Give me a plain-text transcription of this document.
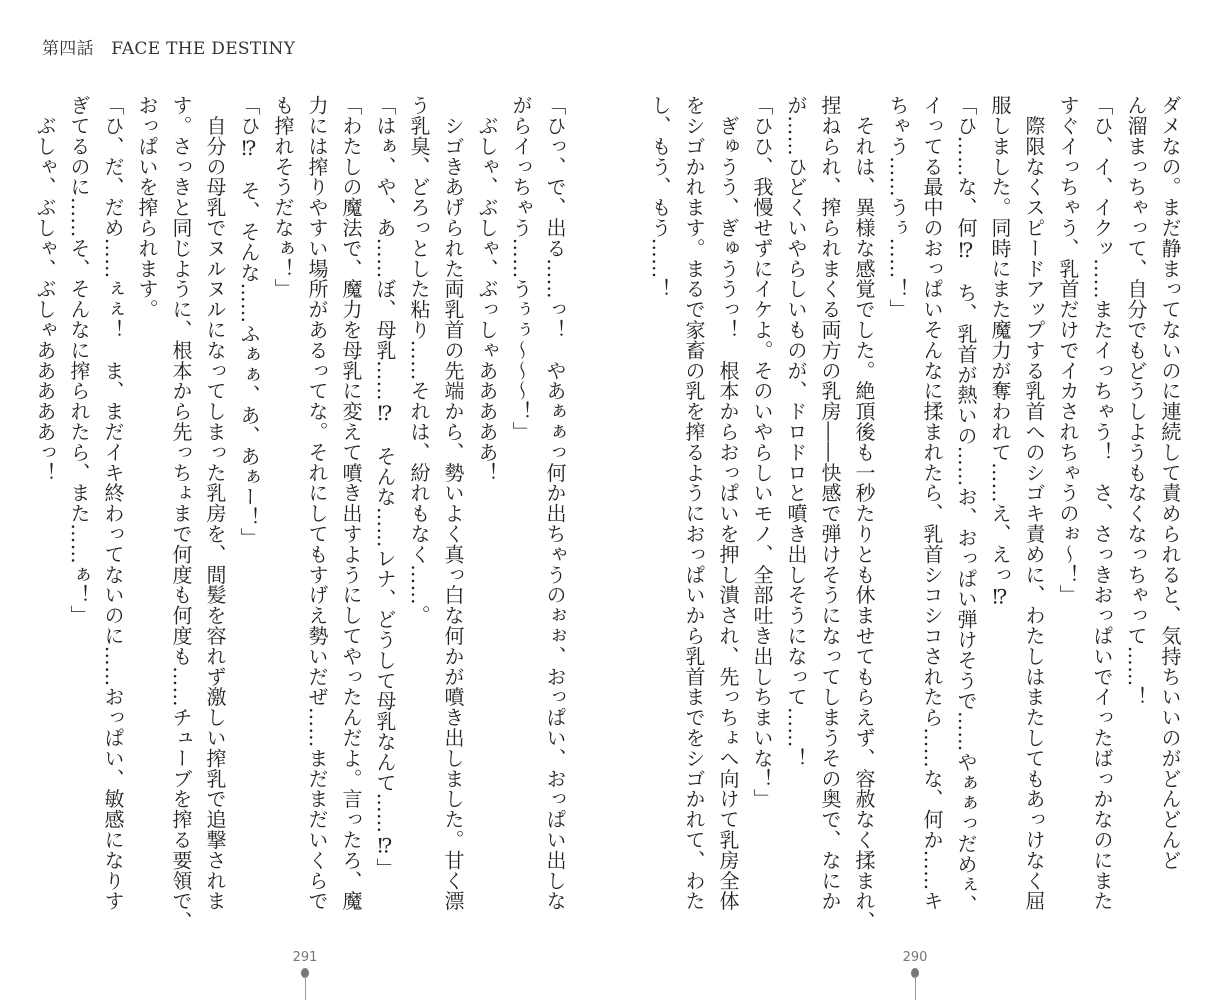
第四話　FACE THE DESTINY
ダメなの。まだ静まってないのに連続して責められると、気持ちいいのがどんどんど
ん溜まっちゃって、自分でもどうしようもなくなっちゃって……！
「ひ、イ、イクッ……またイっちゃう！　さ、さっきおっぱいでイったばっかなのにまた
すぐイっちゃう、乳首だけでイカされちゃうのぉ〜！」
　際限なくスピードアップする乳首へのシゴキ責めに、わたしはまたしてもあっけなく屈
服しました。同時にまた魔力が奪われて……え、えっ⁉
「ひ……な、何⁉　ち、乳首が熱いの……お、おっぱい弾けそうで……やぁぁっだめぇ、
イってる最中のおっぱいそんなに揉まれたら、乳首シコシコされたら……な、何か……キ
ちゃう……うぅ……！」
　それは、異様な感覚でした。絶頂後も一秒たりとも休ませてもらえず、容赦なく揉まれ、
捏ねられ、搾られまくる両方の乳房――快感で弾けそうになってしまうその奥で、なにか
が……ひどくいやらしいものが、ドロドロと噴き出しそうになって……！
「ひひ、我慢せずにイケよ。そのいやらしいモノ、全部吐き出しちまいな！」
　ぎゅうう、ぎゅううっ！　根本からおっぱいを押し潰され、先っちょへ向けて乳房全体
をシゴかれます。まるで家畜の乳を搾るようにおっぱいから乳首までをシゴかれて、わた
し、もう、もう……！
「ひっ、で、出る……っ！　やあぁぁっ何か出ちゃうのぉぉ、おっぱい、おっぱい出しな
がらイっちゃう……うぅぅ〜〜〜！」
　ぶしゃ、ぶしゃ、ぶっしゃあああああ！
　シゴきあげられた両乳首の先端から、勢いよく真っ白な何かが噴き出しました。甘く漂
う乳臭、どろっとした粘り……それは、紛れもなく……。
「はぁ、や、あ……ぼ、母乳……⁉　そんな……レナ、どうして母乳なんて……⁉」
「わたしの魔法で、魔力を母乳に変えて噴き出すようにしてやったんだよ。言ったろ、魔
力には搾りやすい場所があるってな。それにしてもすげえ勢いだぜ……まだまだいくらで
も搾れそうだなぁ！」
「ひ⁉　そ、そんな……ふぁぁ、あ、あぁー！」
　自分の母乳でヌルヌルになってしまった乳房を、間髪を容れず激しい搾乳で追撃されま
す。さっきと同じように、根本から先っちょまで何度も何度も……チューブを搾る要領で、
おっぱいを搾られます。
「ひ、だ、だめ……ぇぇ！　ま、まだイキ終わってないのに……おっぱい、敏感になりす
ぎてるのに……そ、そんなに搾られたら、また……ぁ！」
　ぶしゃ、ぶしゃ、ぶしゃあああああっ！
291	290
